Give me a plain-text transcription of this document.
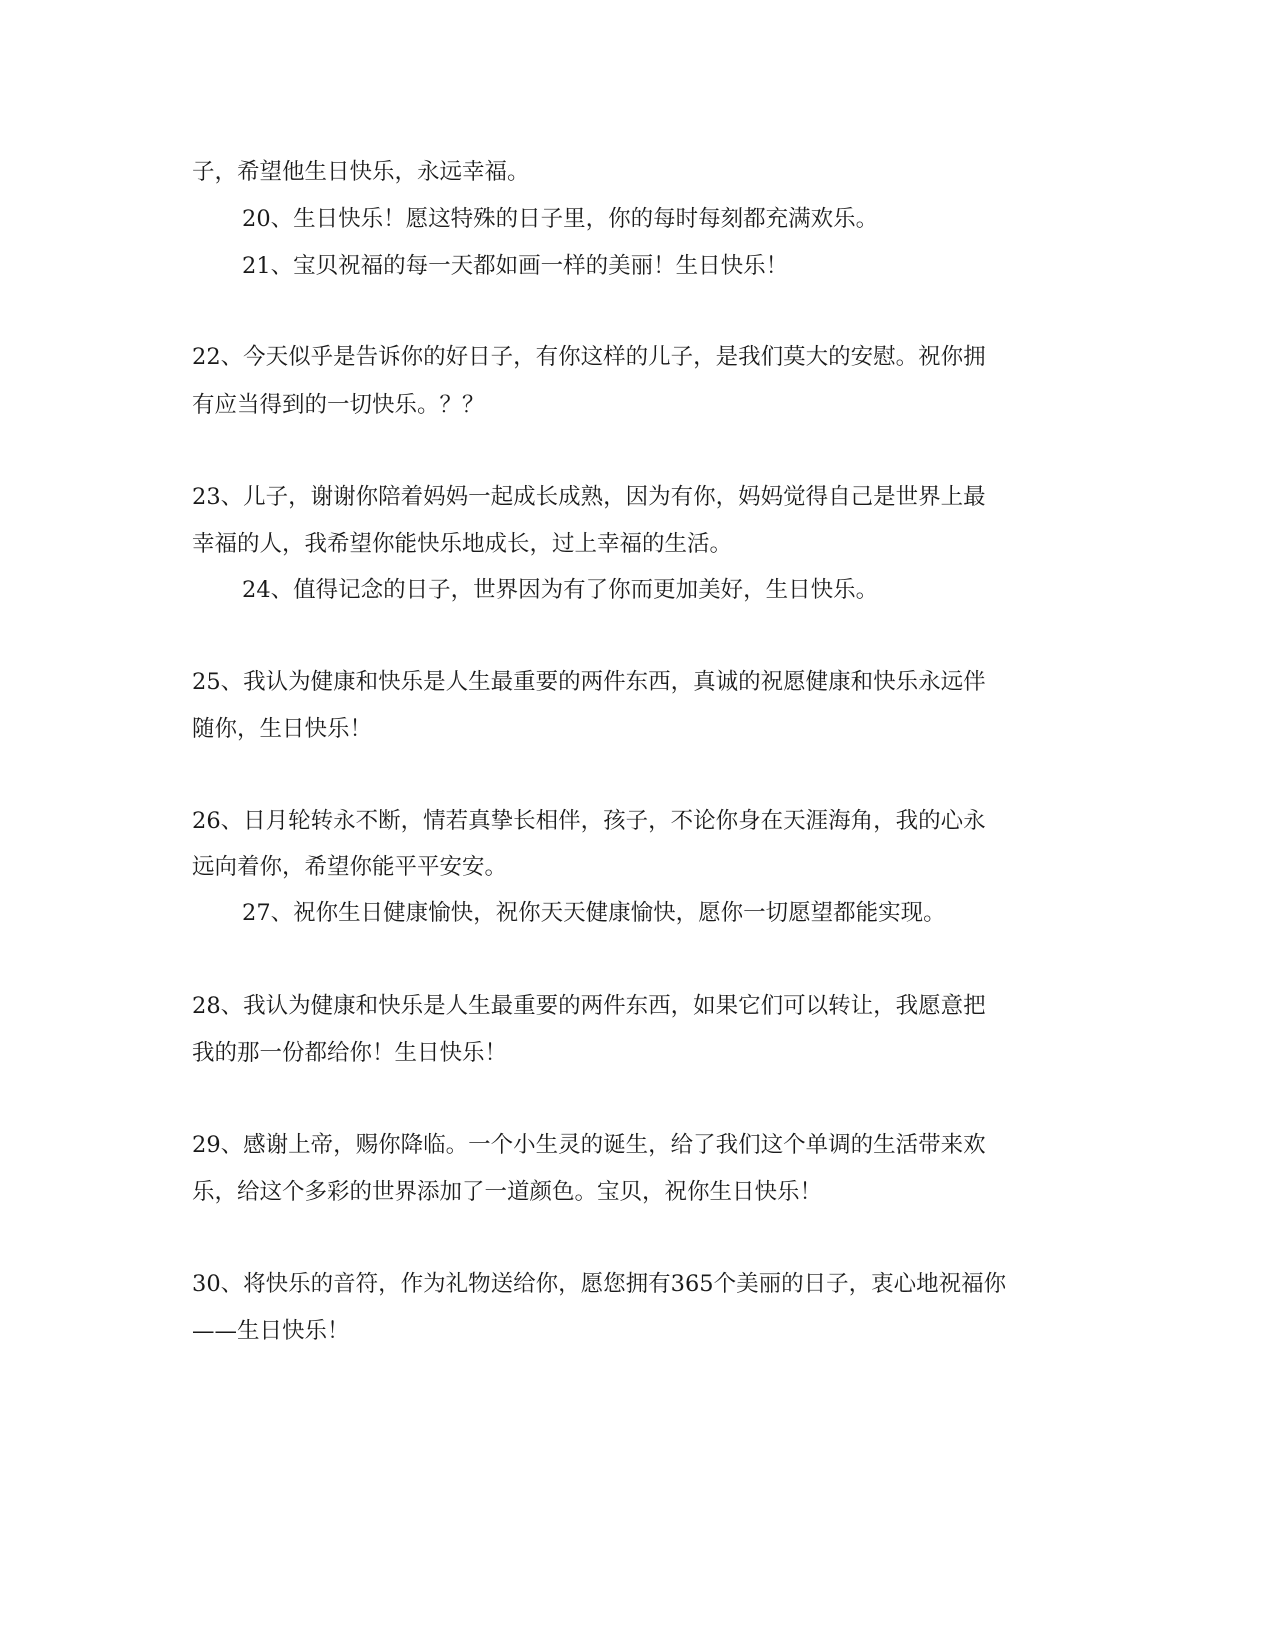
子，希望他生日快乐，永远幸福。
20、生日快乐！愿这特殊的日子里，你的每时每刻都充满欢乐。
21、宝贝祝福的每一天都如画一样的美丽！生日快乐！
22、今天似乎是告诉你的好日子，有你这样的儿子，是我们莫大的安慰。祝你拥
有应当得到的一切快乐。？？
23、儿子，谢谢你陪着妈妈一起成长成熟，因为有你，妈妈觉得自己是世界上最
幸福的人，我希望你能快乐地成长，过上幸福的生活。
24、值得记念的日子，世界因为有了你而更加美好，生日快乐。
25、我认为健康和快乐是人生最重要的两件东西，真诚的祝愿健康和快乐永远伴
随你，生日快乐！
26、日月轮转永不断，情若真挚长相伴，孩子，不论你身在天涯海角，我的心永
远向着你，希望你能平平安安。
27、祝你生日健康愉快，祝你天天健康愉快，愿你一切愿望都能实现。
28、我认为健康和快乐是人生最重要的两件东西，如果它们可以转让，我愿意把
我的那一份都给你！生日快乐！
29、感谢上帝，赐你降临。一个小生灵的诞生，给了我们这个单调的生活带来欢
乐，给这个多彩的世界添加了一道颜色。宝贝，祝你生日快乐！
30、将快乐的音符，作为礼物送给你，愿您拥有365个美丽的日子，衷心地祝福你
——生日快乐！
